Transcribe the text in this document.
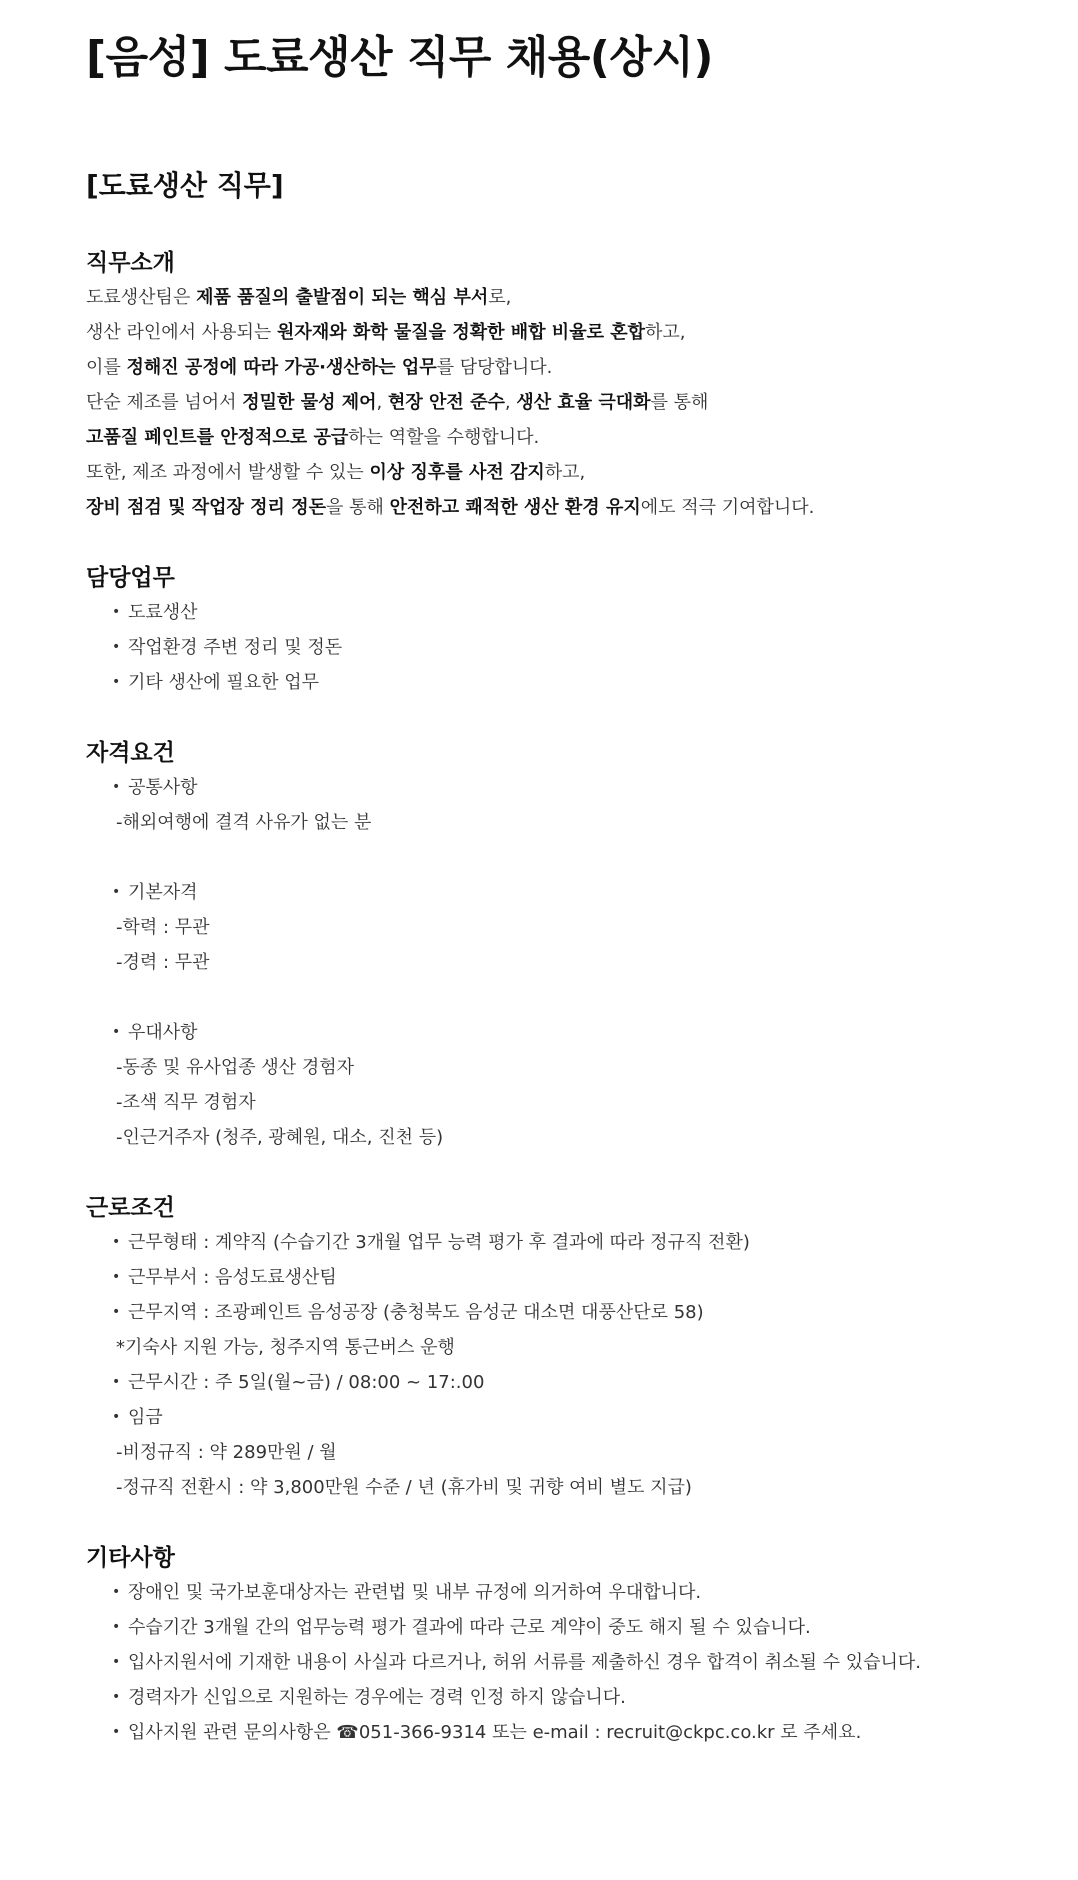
[음성] 도료생산 직무 채용(상시)
[도료생산 직무]
직무소개

도료생산팀은 제품 품질의 출발점이 되는 핵심 부서로,

생산 라인에서 사용되는 원자재와 화학 물질을 정확한 배합 비율로 혼합하고,

이를 정해진 공정에 따라 가공·생산하는 업무를 담당합니다.

단순 제조를 넘어서 정밀한 물성 제어, 현장 안전 준수, 생산 효율 극대화를 통해

고품질 페인트를 안정적으로 공급하는 역할을 수행합니다.

또한, 제조 과정에서 발생할 수 있는 이상 징후를 사전 감지하고,

장비 점검 및 작업장 정리 정돈을 통해 안전하고 쾌적한 생산 환경 유지에도 적극 기여합니다.

담당업무
• 도료생산
• 작업환경 주변 정리 및 정돈
• 기타 생산에 필요한 업무
자격요건
• 공통사항

-해외여행에 결격 사유가 없는 분

• 기본자격

-학력 : 무관

-경력 : 무관

• 우대사항

-동종 및 유사업종 생산 경험자

-조색 직무 경험자

-인근거주자 (청주, 광혜원, 대소, 진천 등)

근로조건
• 근무형태 : 계약직 (수습기간 3개월 업무 능력 평가 후 결과에 따라 정규직 전환)
• 근무부서 : 음성도료생산팀
• 근무지역 : 조광페인트 음성공장 (충청북도 음성군 대소면 대풍산단로 58)

*기숙사 지원 가능, 청주지역 통근버스 운행

• 근무시간 : 주 5일(월~금) / 08:00 ~ 17:.00
• 임금

-비정규직 : 약 289만원 / 월

-정규직 전환시 : 약 3,800만원 수준 / 년 (휴가비 및 귀향 여비 별도 지급)

기타사항
• 장애인 및 국가보훈대상자는 관련법 및 내부 규정에 의거하여 우대합니다.
• 수습기간 3개월 간의 업무능력 평가 결과에 따라 근로 계약이 중도 해지 될 수 있습니다.
• 입사지원서에 기재한 내용이 사실과 다르거나, 허위 서류를 제출하신 경우 합격이 취소될 수 있습니다.
• 경력자가 신입으로 지원하는 경우에는 경력 인정 하지 않습니다.
• 입사지원 관련 문의사항은 ☎051-366-9314 또는 e-mail : recruit@ckpc.co.kr 로 주세요.
